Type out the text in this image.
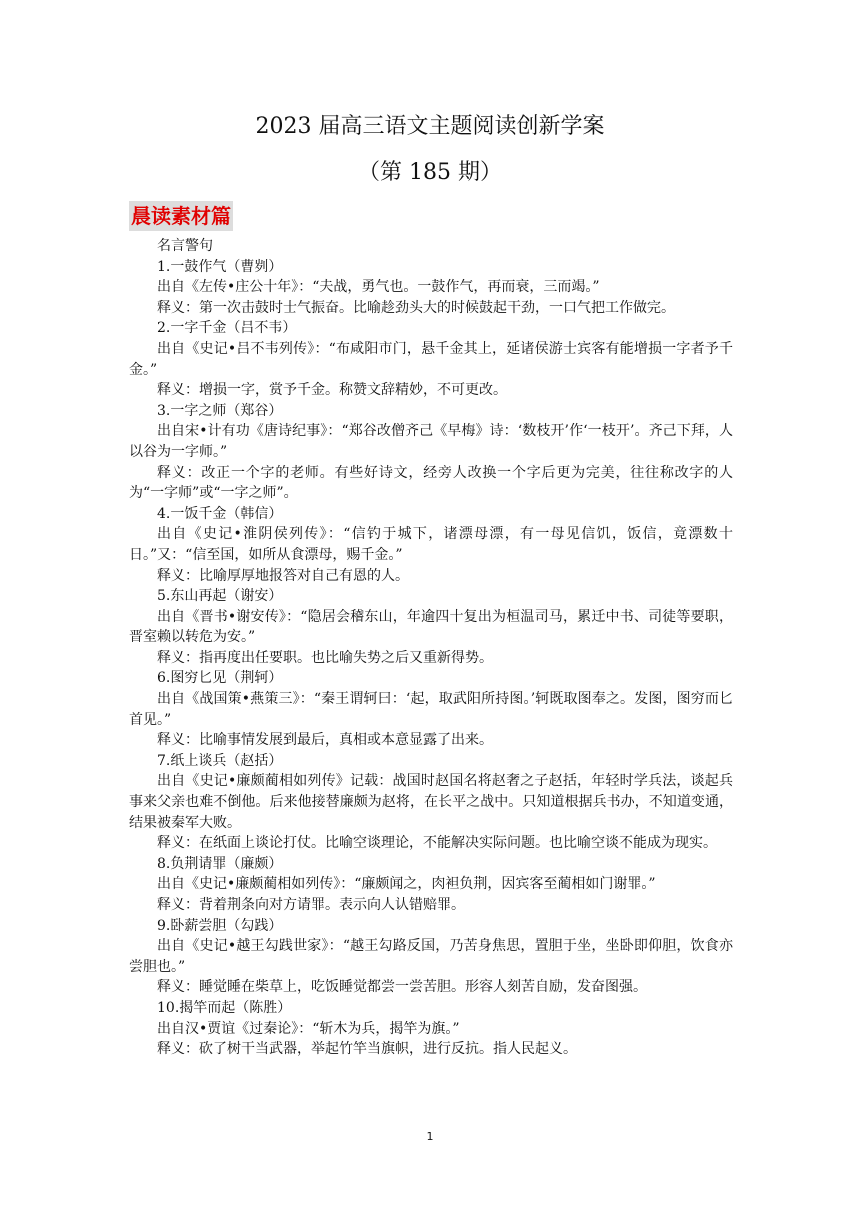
2023 届高三语文主题阅读创新学案
（第 185 期）
晨读素材篇

名言警句

1.一鼓作气（曹刿）

出自《左传•庄公十年》：“夫战，勇气也。一鼓作气，再而衰，三而竭。”

释义：第一次击鼓时士气振奋。比喻趁劲头大的时候鼓起干劲，一口气把工作做完。

2.一字千金（吕不韦）

出自《史记•吕不韦列传》：“布咸阳市门，悬千金其上，延诸侯游士宾客有能增损一字者予千金。”

释义：增损一字，赏予千金。称赞文辞精妙，不可更改。

3.一字之师（郑谷）

出自宋•计有功《唐诗纪事》：“郑谷改僧齐己《早梅》诗：‘数枝开’作‘一枝开’。齐己下拜，人以谷为一字师。”

释义：改正一个字的老师。有些好诗文，经旁人改换一个字后更为完美，往往称改字的人为“一字师”或“一字之师”。

4.一饭千金（韩信）

出自《史记•淮阴侯列传》：“信钓于城下，诸漂母漂，有一母见信饥，饭信，竟漂数十日。”又：“信至国，如所从食漂母，赐千金。”

释义：比喻厚厚地报答对自己有恩的人。

5.东山再起（谢安）

出自《晋书•谢安传》：“隐居会稽东山，年逾四十复出为桓温司马，累迁中书、司徒等要职，晋室赖以转危为安。”

释义：指再度出任要职。也比喻失势之后又重新得势。

6.图穷匕见（荆轲）

出自《战国策•燕策三》：“秦王谓轲曰：‘起，取武阳所持图。’轲既取图奉之。发图，图穷而匕首见。”

释义：比喻事情发展到最后，真相或本意显露了出来。

7.纸上谈兵（赵括）

出自《史记•廉颇蔺相如列传》记载：战国时赵国名将赵奢之子赵括，年轻时学兵法，谈起兵事来父亲也难不倒他。后来他接替廉颇为赵将，在长平之战中。只知道根据兵书办，不知道变通，结果被秦军大败。

释义：在纸面上谈论打仗。比喻空谈理论，不能解决实际问题。也比喻空谈不能成为现实。

8.负荆请罪（廉颇）

出自《史记•廉颇蔺相如列传》：“廉颇闻之，肉袒负荆，因宾客至蔺相如门谢罪。”

释义：背着荆条向对方请罪。表示向人认错赔罪。

9.卧薪尝胆（勾践）

出自《史记•越王勾践世家》：“越王勾路反国，乃苦身焦思，置胆于坐，坐卧即仰胆，饮食亦尝胆也。”

释义：睡觉睡在柴草上，吃饭睡觉都尝一尝苦胆。形容人刻苦自励，发奋图强。

10.揭竿而起（陈胜）

出自汉•贾谊《过秦论》：“斩木为兵，揭竿为旗。”

释义：砍了树干当武器，举起竹竿当旗帜，进行反抗。指人民起义。

1
